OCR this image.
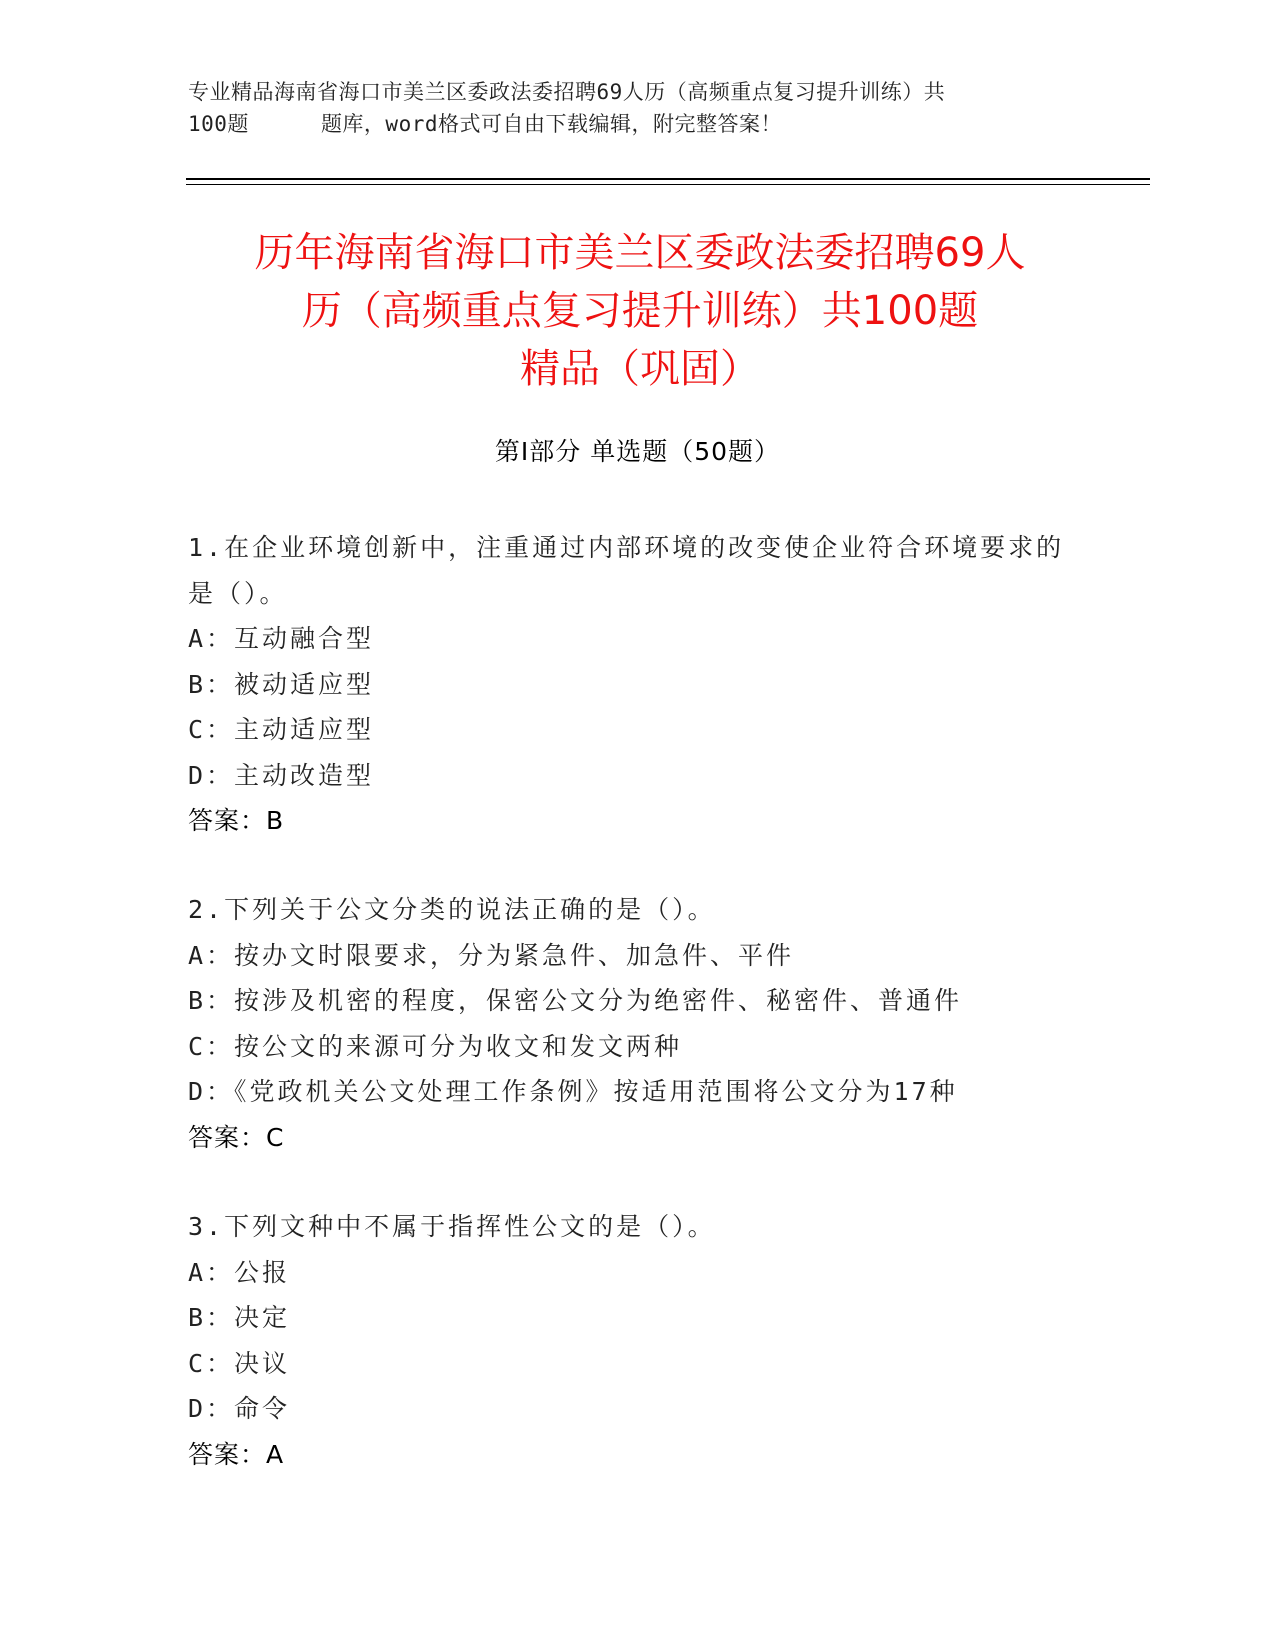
专业精品海南省海口市美兰区委政法委招聘69人历（高频重点复习提升训练）共
100题	题库，word格式可自由下载编辑，附完整答案！
历年海南省海口市美兰区委政法委招聘69人
历（高频重点复习提升训练）共100题
精品（巩固）
第I部分 单选题（50题）
1.在企业环境创新中，注重通过内部环境的改变使企业符合环境要求的是（）。
A：互动融合型
B：被动适应型
C：主动适应型
D：主动改造型
答案：B
2.下列关于公文分类的说法正确的是（）。
A：按办文时限要求，分为紧急件、加急件、平件
B：按涉及机密的程度，保密公文分为绝密件、秘密件、普通件
C：按公文的来源可分为收文和发文两种
D：《党政机关公文处理工作条例》按适用范围将公文分为17种
答案：C
3.下列文种中不属于指挥性公文的是（）。
A：公报
B：决定
C：决议
D：命令
答案：A
